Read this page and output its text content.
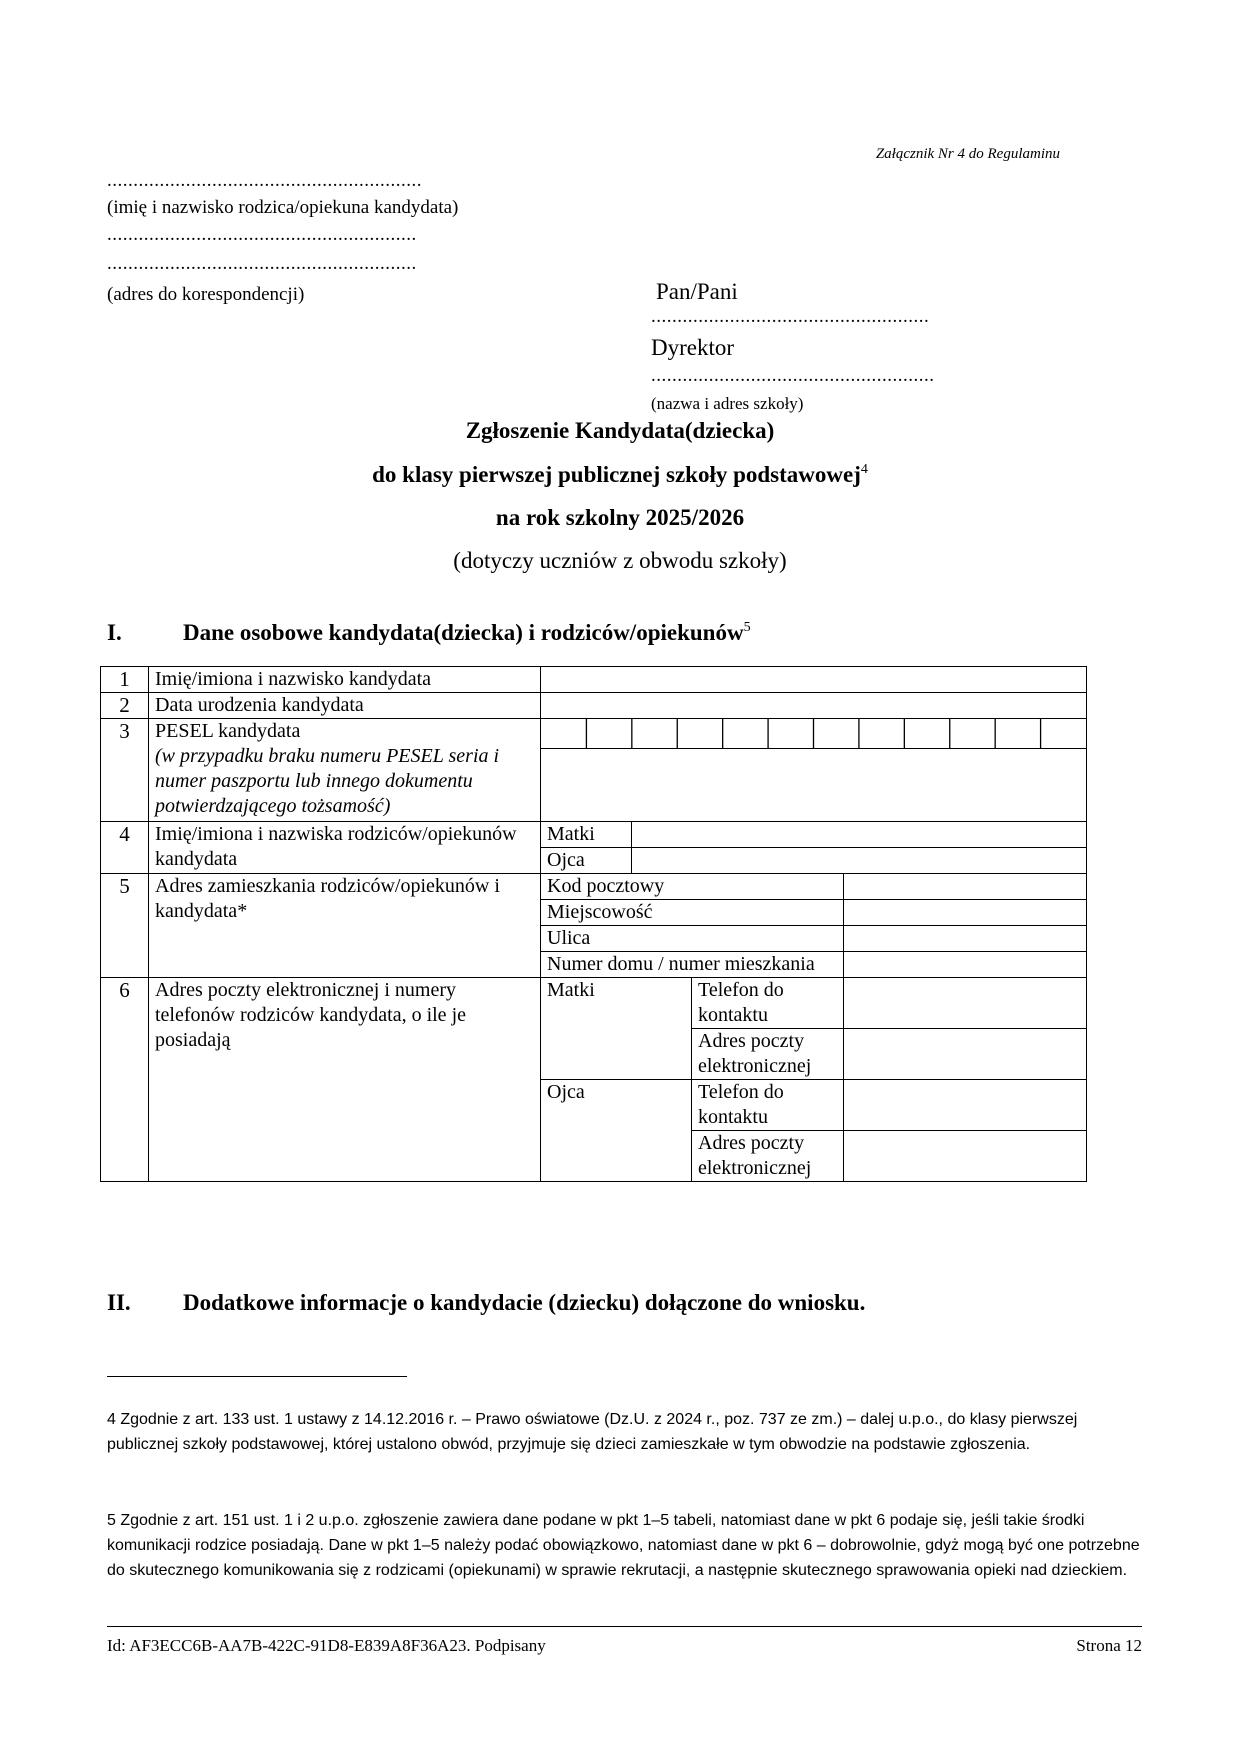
Załącznik Nr 4 do Regulaminu
............................................................
(imię i nazwisko rodzica/opiekuna kandydata)
...........................................................
...........................................................
(adres do korespondencji)	Pan/Pani
.....................................................
Dyrektor
......................................................
(nazwa i adres szkoły)
Zgłoszenie Kandydata(dziecka)
do klasy pierwszej publicznej szkoły podstawowej$^4$
na rok szkolny 2025/2026
(dotyczy uczniów z obwodu szkoły)
I.	Dane osobowe kandydata(dziecka) i rodziców/opiekunów$^5$
1	Imię/imiona i nazwisko kandydata				
2	Data urodzenia kandydata				
3	PESEL kandydata
(w przypadku braku numeru PESEL seria i numer paszportu lub innego dokumentu potwierdzającego tożsamość)

4	Imię/imiona i nazwiska rodziców/opiekunów kandydata	Matki			
		Ojca			
5	Adres zamieszkania rodziców/opiekunów i kandydata*	Kod pocztowy			
		Miejscowość			
		Ulica			
		Numer domu / numer mieszkania			
6	Adres poczty elektronicznej i numery telefonów rodziców kandydata, o ile je posiadają	Matki		Telefon do kontaktu	
				Adres poczty elektronicznej	
		Ojca		Telefon do kontaktu	
				Adres poczty elektronicznej	
II. Dodatkowe informacje o kandydacie (dziecku) dołączone do wniosku.
4 Zgodnie z art. 133 ust. 1 ustawy z 14.12.2016 r. – Prawo oświatowe (Dz.U. z 2024 r., poz. 737 ze zm.) – dalej u.p.o., do klasy pierwszej publicznej szkoły podstawowej, której ustalono obwód, przyjmuje się dzieci zamieszkałe w tym obwodzie na podstawie zgłoszenia.
5 Zgodnie z art. 151 ust. 1 i 2 u.p.o. zgłoszenie zawiera dane podane w pkt 1–5 tabeli, natomiast dane w pkt 6 podaje się, jeśli takie środki komunikacji rodzice posiadają. Dane w pkt 1–5 należy podać obowiązkowo, natomiast dane w pkt 6 – dobrowolnie, gdyż mogą być one potrzebne do skutecznego komunikowania się z rodzicami (opiekunami) w sprawie rekrutacji, a następnie skutecznego sprawowania opieki nad dzieckiem.
Id: AF3ECC6B-AA7B-422C-91D8-E839A8F36A23. Podpisany	Strona 12
